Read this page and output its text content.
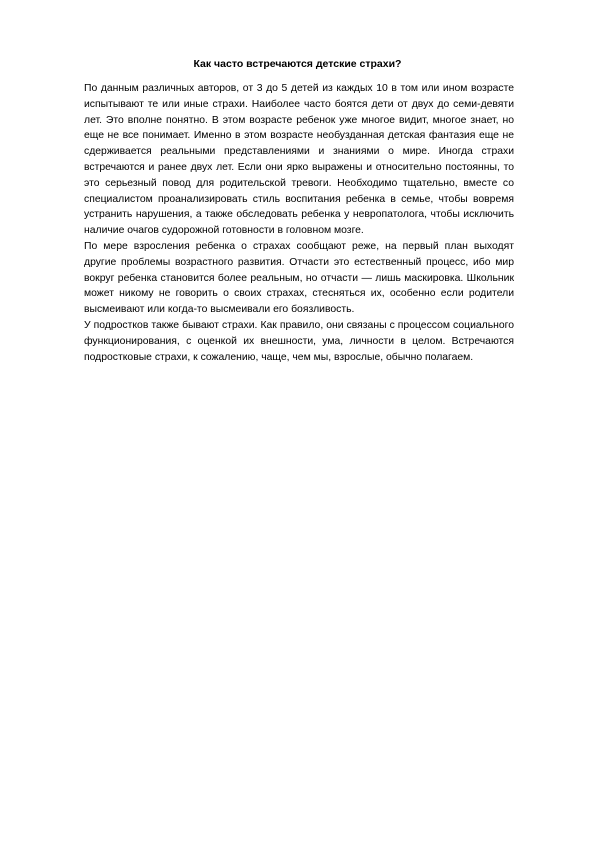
Как часто встречаются детские страхи?

По данным различных авторов, от 3 до 5 детей из каждых 10 в том или ином возрасте испытывают те или иные страхи. Наиболее часто боятся дети от двух до семи-девяти лет. Это вполне понятно. В этом возрасте ребенок уже многое видит, многое знает, но еще не все понимает. Именно в этом возрасте необузданная детская фантазия еще не сдерживается реальными представлениями и знаниями о мире. Иногда страхи встречаются и ранее двух лет. Если они ярко выражены и относительно постоянны, то это серьезный повод для родительской тревоги. Необходимо тщательно, вместе со специалистом проанализировать стиль воспитания ребенка в семье, чтобы вовремя устранить нарушения, а также обследовать ребенка у невропатолога, чтобы исключить наличие очагов судорожной готовности в головном мозге.

По мере взросления ребенка о страхах сообщают реже, на первый план выходят другие проблемы возрастного развития. Отчасти это естественный процесс, ибо мир вокруг ребенка становится более реальным, но отчасти — лишь маскировка. Школьник может никому не говорить о своих страхах, стесняться их, особенно если родители высмеивают или когда-то высмеивали его боязливость.

У подростков также бывают страхи. Как правило, они связаны с процессом социального функционирования, с оценкой их внешности, ума, личности в целом. Встречаются подростковые страхи, к сожалению, чаще, чем мы, взрослые, обычно полагаем.
